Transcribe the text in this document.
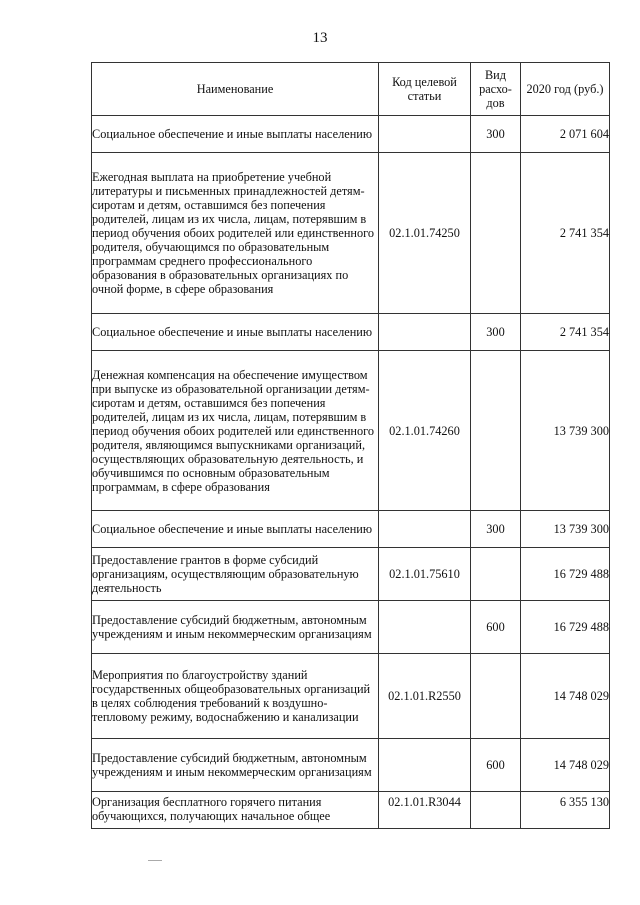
13
Наименование	Код целевой статьи	Вид расхо-дов	2020 год (руб.)
Социальное обеспечение и иные выплаты населению		300	2 071 604
Ежегодная выплата на приобретение учебной литературы и письменных принадлежностей детям-сиротам и детям, оставшимся без попечения родителей, лицам из их числа, лицам, потерявшим в период обучения обоих родителей или единственного родителя, обучающимся по образовательным программам среднего профессионального образования в образовательных организациях по очной форме, в сфере образования	02.1.01.74250		2 741 354
Социальное обеспечение и иные выплаты населению		300	2 741 354
Денежная компенсация на обеспечение имуществом при выпуске из образовательной организации детям-сиротам и детям, оставшимся без попечения родителей, лицам из их числа, лицам, потерявшим в период обучения обоих родителей или единственного родителя, являющимся выпускниками организаций, осуществляющих образовательную деятельность, и обучившимся по основным образовательным программам, в сфере образования	02.1.01.74260		13 739 300
Социальное обеспечение и иные выплаты населению		300	13 739 300
Предоставление грантов в форме субсидий организациям, осуществляющим образовательную деятельность	02.1.01.75610		16 729 488
Предоставление субсидий бюджетным, автономным учреждениям и иным некоммерческим организациям		600	16 729 488
Мероприятия по благоустройству зданий государственных общеобразовательных организаций в целях соблюдения требований к воздушно-тепловому режиму, водоснабжению и канализации	02.1.01.R2550		14 748 029
Предоставление субсидий бюджетным, автономным учреждениям и иным некоммерческим организациям		600	14 748 029
Организация бесплатного горячего питания обучающихся, получающих начальное общее	02.1.01.R3044		6 355 130
